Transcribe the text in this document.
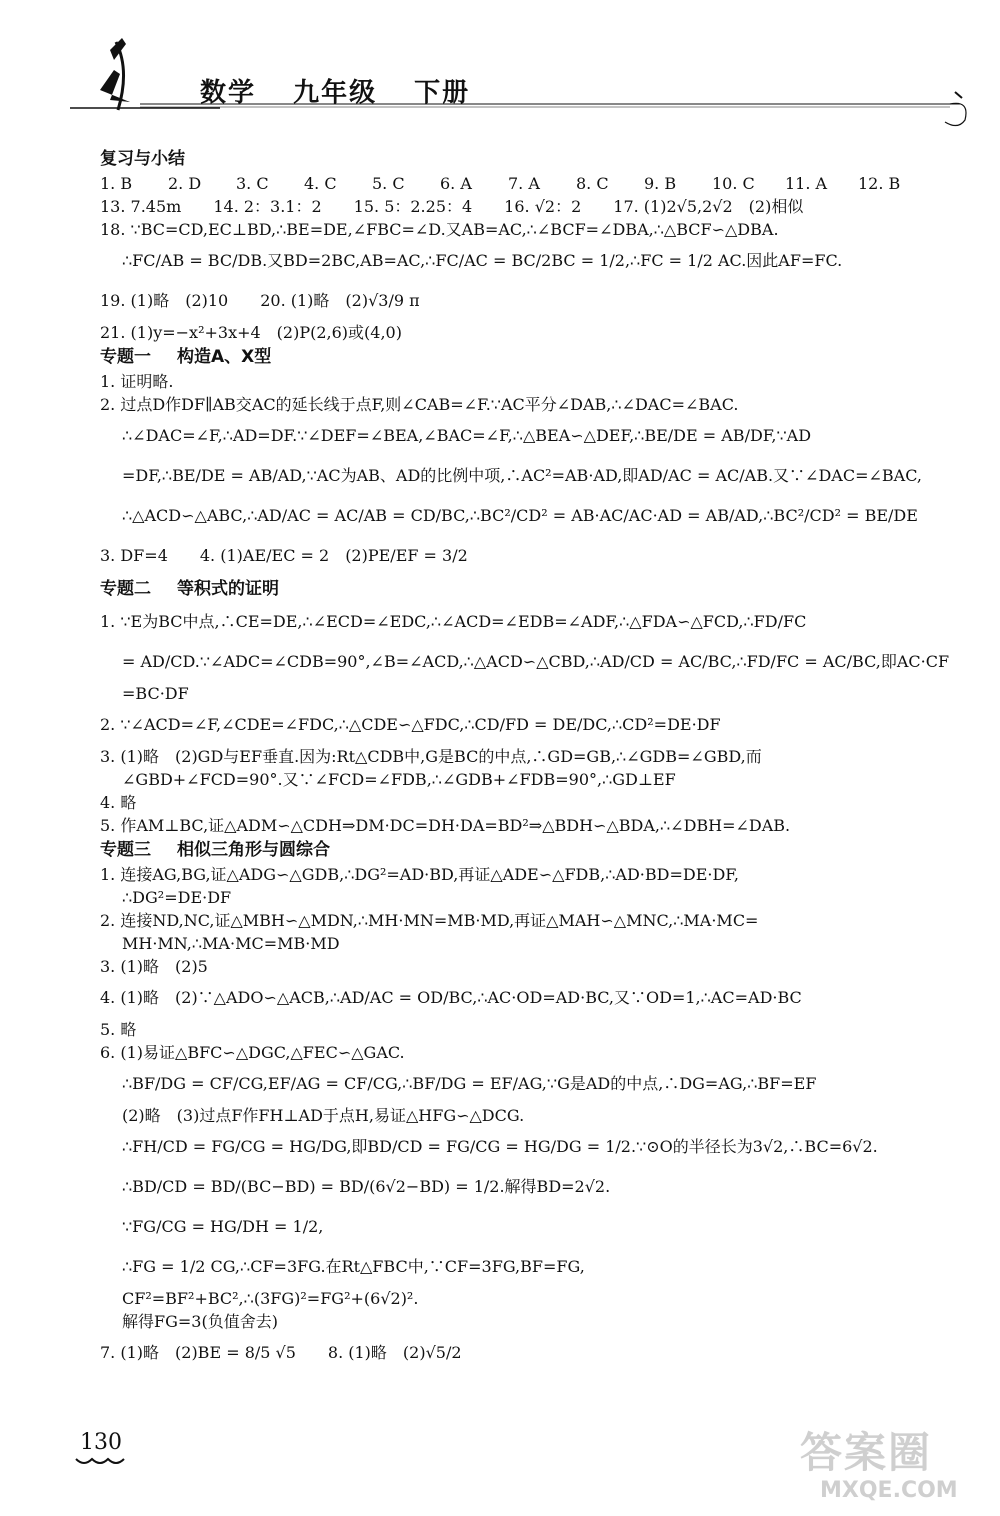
数学 九年级 下册
复习与小结
1. B	2. D	3. C	4. C	5. C	6. A	7. A	8. C	9. B	10. C	11. A	12. B
13. 7.45m　　14. 2：3.1：2　　15. 5：2.25：4　　16. √2：2　　17. (1)2√5,2√2　(2)相似
18. ∵BC=CD,EC⊥BD,∴BE=DE,∠FBC=∠D.又AB=AC,∴∠BCF=∠DBA,∴△BCF∽△DBA.
∴FC/AB = BC/DB.又BD=2BC,AB=AC,∴FC/AC = BC/2BC = 1/2,∴FC = 1/2 AC.因此AF=FC.
19. (1)略　(2)10　　20. (1)略　(2)√3/9 π
21. (1)y=−x²+3x+4　(2)P(2,6)或(4,0)
专题一 构造A、X型
1. 证明略.
2. 过点D作DF∥AB交AC的延长线于点F,则∠CAB=∠F.∵AC平分∠DAB,∴∠DAC=∠BAC.
∴∠DAC=∠F,∴AD=DF.∵∠DEF=∠BEA,∠BAC=∠F,∴△BEA∽△DEF,∴BE/DE = AB/DF,∵AD
=DF,∴BE/DE = AB/AD,∵AC为AB、AD的比例中项,∴AC²=AB·AD,即AD/AC = AC/AB.又∵∠DAC=∠BAC,
∴△ACD∽△ABC,∴AD/AC = AC/AB = CD/BC,∴BC²/CD² = AB·AC/AC·AD = AB/AD,∴BC²/CD² = BE/DE
3. DF=4　　4. (1)AE/EC = 2　(2)PE/EF = 3/2
专题二 等积式的证明
1. ∵E为BC中点,∴CE=DE,∴∠ECD=∠EDC,∴∠ACD=∠EDB=∠ADF,∴△FDA∽△FCD,∴FD/FC
= AD/CD.∵∠ADC=∠CDB=90°,∠B=∠ACD,∴△ACD∽△CBD,∴AD/CD = AC/BC,∴FD/FC = AC/BC,即AC·CF
=BC·DF
2. ∵∠ACD=∠F,∠CDE=∠FDC,∴△CDE∽△FDC,∴CD/FD = DE/DC,∴CD²=DE·DF
3. (1)略　(2)GD与EF垂直.因为:Rt△CDB中,G是BC的中点,∴GD=GB,∴∠GDB=∠GBD,而
∠GBD+∠FCD=90°.又∵∠FCD=∠FDB,∴∠GDB+∠FDB=90°,∴GD⊥EF
4. 略
5. 作AM⊥BC,证△ADM∽△CDH⇒DM·DC=DH·DA=BD²⇒△BDH∽△BDA,∴∠DBH=∠DAB.
专题三 相似三角形与圆综合
1. 连接AG,BG,证△ADG∽△GDB,∴DG²=AD·BD,再证△ADE∽△FDB,∴AD·BD=DE·DF,
∴DG²=DE·DF
2. 连接ND,NC,证△MBH∽△MDN,∴MH·MN=MB·MD,再证△MAH∽△MNC,∴MA·MC=
MH·MN,∴MA·MC=MB·MD
3. (1)略　(2)5
4. (1)略　(2)∵△ADO∽△ACB,∴AD/AC = OD/BC,∴AC·OD=AD·BC,又∵OD=1,∴AC=AD·BC
5. 略
6. (1)易证△BFC∽△DGC,△FEC∽△GAC.
∴BF/DG = CF/CG,EF/AG = CF/CG,∴BF/DG = EF/AG,∵G是AD的中点,∴DG=AG,∴BF=EF
(2)略　(3)过点F作FH⊥AD于点H,易证△HFG∽△DCG.
∴FH/CD = FG/CG = HG/DG,即BD/CD = FG/CG = HG/DG = 1/2.∵⊙O的半径长为3√2,∴BC=6√2.
∴BD/CD = BD/(BC−BD) = BD/(6√2−BD) = 1/2.解得BD=2√2.
∵FG/CG = HG/DH = 1/2,
∴FG = 1/2 CG,∴CF=3FG.在Rt△FBC中,∵CF=3FG,BF=FG,
CF²=BF²+BC²,∴(3FG)²=FG²+(6√2)².
解得FG=3(负值舍去)
7. (1)略　(2)BE = 8/5 √5　　8. (1)略　(2)√5/2
130	答案圈
MXQE.COM
